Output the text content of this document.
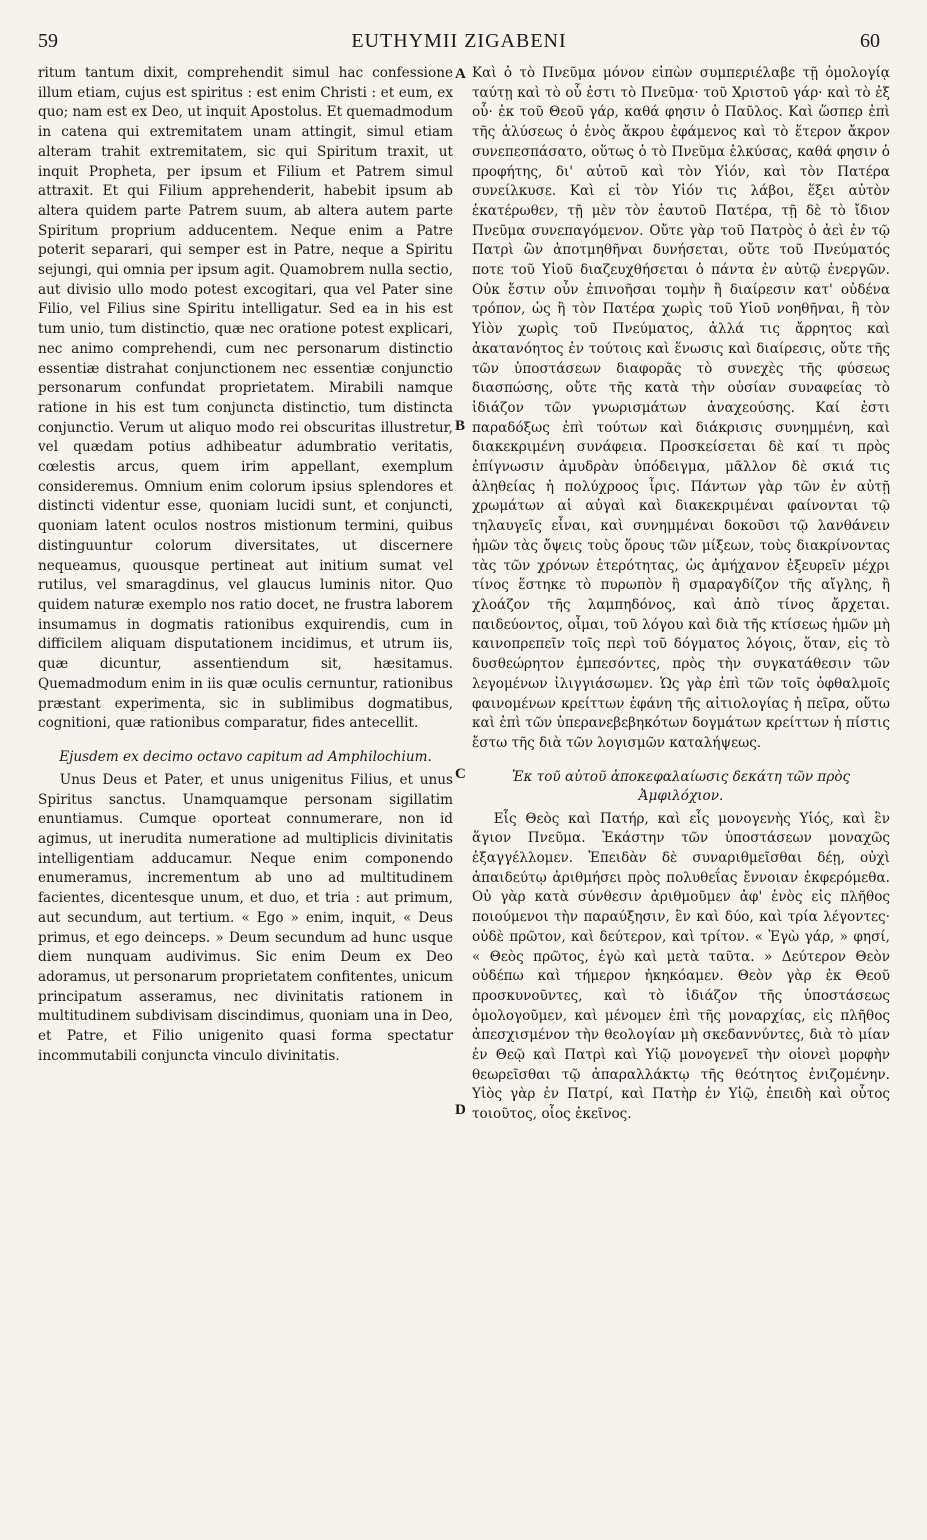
59	EUTHYMII ZIGABENI	60
A
B
C
D

ritum tantum dixit, comprehendit simul hac confessione illum etiam, cujus est spiritus : est enim Christi : et eum, ex quo; nam est ex Deo, ut inquit Apostolus. Et quemadmodum in catena qui extremitatem unam attingit, simul etiam alteram trahit extremitatem, sic qui Spiritum traxit, ut inquit Propheta, per ipsum et Filium et Patrem simul attraxit. Et qui Filium apprehenderit, habebit ipsum ab altera quidem parte Patrem suum, ab altera autem parte Spiritum proprium adducentem. Neque enim a Patre poterit separari, qui semper est in Patre, neque a Spiritu sejungi, qui omnia per ipsum agit. Quamobrem nulla sectio, aut divisio ullo modo potest excogitari, qua vel Pater sine Filio, vel Filius sine Spiritu intelligatur. Sed ea in his est tum unio, tum distinctio, quæ nec oratione potest explicari, nec animo comprehendi, cum nec personarum distinctio essentiæ distrahat conjunctionem nec essentiæ conjunctio personarum confundat proprietatem. Mirabili namque ratione in his est tum conjuncta distinctio, tum distincta conjunctio. Verum ut aliquo modo rei obscuritas illustretur, vel quædam potius adhibeatur adumbratio veritatis, cœlestis arcus, quem irim appellant, exemplum consideremus. Omnium enim colorum ipsius splendores et distincti videntur esse, quoniam lucidi sunt, et conjuncti, quoniam latent oculos nostros mistionum termini, quibus distinguuntur colorum diversitates, ut discernere nequeamus, quousque pertineat aut initium sumat vel rutilus, vel smaragdinus, vel glaucus luminis nitor. Quo quidem naturæ exemplo nos ratio docet, ne frustra laborem insumamus in dogmatis rationibus exquirendis, cum in difficilem aliquam disputationem incidimus, et utrum iis, quæ dicuntur, assentiendum sit, hæsitamus. Quemadmodum enim in iis quæ oculis cernuntur, rationibus præstant experimenta, sic in sublimibus dogmatibus, cognitioni, quæ rationibus comparatur, fides antecellit.

Ejusdem ex decimo octavo capitum ad Amphilochium.

Unus Deus et Pater, et unus unigenitus Filius, et unus Spiritus sanctus. Unamquamque personam sigillatim enuntiamus. Cumque oporteat connumerare, non id agimus, ut inerudita numeratione ad multiplicis divinitatis intelligentiam adducamur. Neque enim componendo enumeramus, incrementum ab uno ad multitudinem facientes, dicentesque unum, et duo, et tria : aut primum, aut secundum, aut tertium. « Ego » enim, inquit, « Deus primus, et ego deinceps. » Deum secundum ad hunc usque diem nunquam audivimus. Sic enim Deum ex Deo adoramus, ut personarum proprietatem confitentes, unicum principatum asseramus, nec divinitatis rationem in multitudinem subdivisam discindimus, quoniam una in Deo, et Patre, et Filio unigenito quasi forma spectatur incommutabili conjuncta vinculo divinitatis.

Καὶ ὁ τὸ Πνεῦμα μόνον εἰπὼν συμπεριέλαβε τῇ ὁμολογίᾳ ταύτῃ καὶ τὸ οὗ ἐστι τὸ Πνεῦμα· τοῦ Χριστοῦ γάρ· καὶ τὸ ἐξ οὗ· ἐκ τοῦ Θεοῦ γάρ, καθά φησιν ὁ Παῦλος. Καὶ ὥσπερ ἐπὶ τῆς ἁλύσεως ὁ ἑνὸς ἄκρου ἐφάμενος καὶ τὸ ἕτερον ἄκρον συνεπεσπάσατο, οὕτως ὁ τὸ Πνεῦμα ἑλκύσας, καθά φησιν ὁ προφήτης, δι' αὐτοῦ καὶ τὸν Υἱόν, καὶ τὸν Πατέρα συνείλκυσε. Καὶ εἰ τὸν Υἱόν τις λάβοι, ἕξει αὐτὸν ἑκατέρωθεν, τῇ μὲν τὸν ἑαυτοῦ Πατέρα, τῇ δὲ τὸ ἴδιον Πνεῦμα συνεπαγόμενον. Οὔτε γὰρ τοῦ Πατρὸς ὁ ἀεὶ ἐν τῷ Πατρὶ ὢν ἀποτμηθῆναι δυνήσεται, οὔτε τοῦ Πνεύματός ποτε τοῦ Υἱοῦ διαζευχθήσεται ὁ πάντα ἐν αὐτῷ ἐνεργῶν. Οὐκ ἔστιν οὖν ἐπινοῆσαι τομὴν ἢ διαίρεσιν κατ' οὐδένα τρόπον, ὡς ἢ τὸν Πατέρα χωρὶς τοῦ Υἱοῦ νοηθῆναι, ἢ τὸν Υἱὸν χωρὶς τοῦ Πνεύματος, ἀλλά τις ἄρρητος καὶ ἀκατανόητος ἐν τούτοις καὶ ἕνωσις καὶ διαίρεσις, οὔτε τῆς τῶν ὑποστάσεων διαφορᾶς τὸ συνεχὲς τῆς φύσεως διασπώσης, οὔτε τῆς κατὰ τὴν οὐσίαν συναφείας τὸ ἰδιάζον τῶν γνωρισμάτων ἀναχεούσης. Καί ἐστι παραδόξως ἐπὶ τούτων καὶ διάκρισις συνημμένη, καὶ διακεκριμένη συνάφεια. Προσκείσεται δὲ καί τι πρὸς ἐπίγνωσιν ἀμυδρὰν ὑπόδειγμα, μᾶλλον δὲ σκιά τις ἀληθείας ἡ πολύχροος ἶρις. Πάντων γὰρ τῶν ἐν αὐτῇ χρωμάτων αἱ αὐγαὶ καὶ διακεκριμέναι φαίνονται τῷ τηλαυγεῖς εἶναι, καὶ συνημμέναι δοκοῦσι τῷ λανθάνειν ἡμῶν τὰς ὄψεις τοὺς ὅρους τῶν μίξεων, τοὺς διακρίνοντας τὰς τῶν χρόνων ἑτερότητας, ὡς ἀμήχανον ἐξευρεῖν μέχρι τίνος ἕστηκε τὸ πυρωπὸν ἢ σμαραγδίζον τῆς αἴγλης, ἢ χλοάζον τῆς λαμπηδόνος, καὶ ἀπὸ τίνος ἄρχεται. παιδεύοντος, οἶμαι, τοῦ λόγου καὶ διὰ τῆς κτίσεως ἡμῶν μὴ καινοπρεπεῖν τοῖς περὶ τοῦ δόγματος λόγοις, ὅταν, εἰς τὸ δυσθεώρητον ἐμπεσόντες, πρὸς τὴν συγκατάθεσιν τῶν λεγομένων ἰλιγγιάσωμεν. Ὡς γὰρ ἐπὶ τῶν τοῖς ὀφθαλμοῖς φαινομένων κρείττων ἐφάνη τῆς αἰτιολογίας ἡ πεῖρα, οὕτω καὶ ἐπὶ τῶν ὑπερανεβεβηκότων δογμάτων κρείττων ἡ πίστις ἔστω τῆς διὰ τῶν λογισμῶν καταλήψεως.

Ἐκ τοῦ αὐτοῦ ἀποκεφαλαίωσις δεκάτη τῶν πρὸς Ἀμφιλόχιον.

Εἷς Θεὸς καὶ Πατήρ, καὶ εἷς μονογενὴς Υἱός, καὶ ἓν ἅγιον Πνεῦμα. Ἑκάστην τῶν ὑποστάσεων μοναχῶς ἐξαγγέλλομεν. Ἐπειδὰν δὲ συναριθμεῖσθαι δέῃ, οὐχὶ ἀπαιδεύτῳ ἀριθμήσει πρὸς πολυθεΐας ἔννοιαν ἐκφερόμεθα. Οὐ γὰρ κατὰ σύνθεσιν ἀριθμοῦμεν ἀφ' ἑνὸς εἰς πλῆθος ποιούμενοι τὴν παραύξησιν, ἓν καὶ δύο, καὶ τρία λέγοντες· οὐδὲ πρῶτον, καὶ δεύτερον, καὶ τρίτον. « Ἐγὼ γάρ, » φησί, « Θεὸς πρῶτος, ἐγὼ καὶ μετὰ ταῦτα. » Δεύτερον Θεὸν οὐδέπω καὶ τήμερον ἠκηκόαμεν. Θεὸν γὰρ ἐκ Θεοῦ προσκυνοῦντες, καὶ τὸ ἰδιάζον τῆς ὑποστάσεως ὁμολογοῦμεν, καὶ μένομεν ἐπὶ τῆς μοναρχίας, εἰς πλῆθος ἀπεσχισμένον τὴν θεολογίαν μὴ σκεδαννύντες, διὰ τὸ μίαν ἐν Θεῷ καὶ Πατρὶ καὶ Υἱῷ μονογενεῖ τὴν οἱονεὶ μορφὴν θεωρεῖσθαι τῷ ἀπαραλλάκτῳ τῆς θεότητος ἐνιζομένην. Υἱὸς γὰρ ἐν Πατρί, καὶ Πατὴρ ἐν Υἱῷ, ἐπειδὴ καὶ οὗτος τοιοῦτος, οἷος ἐκεῖνος.
